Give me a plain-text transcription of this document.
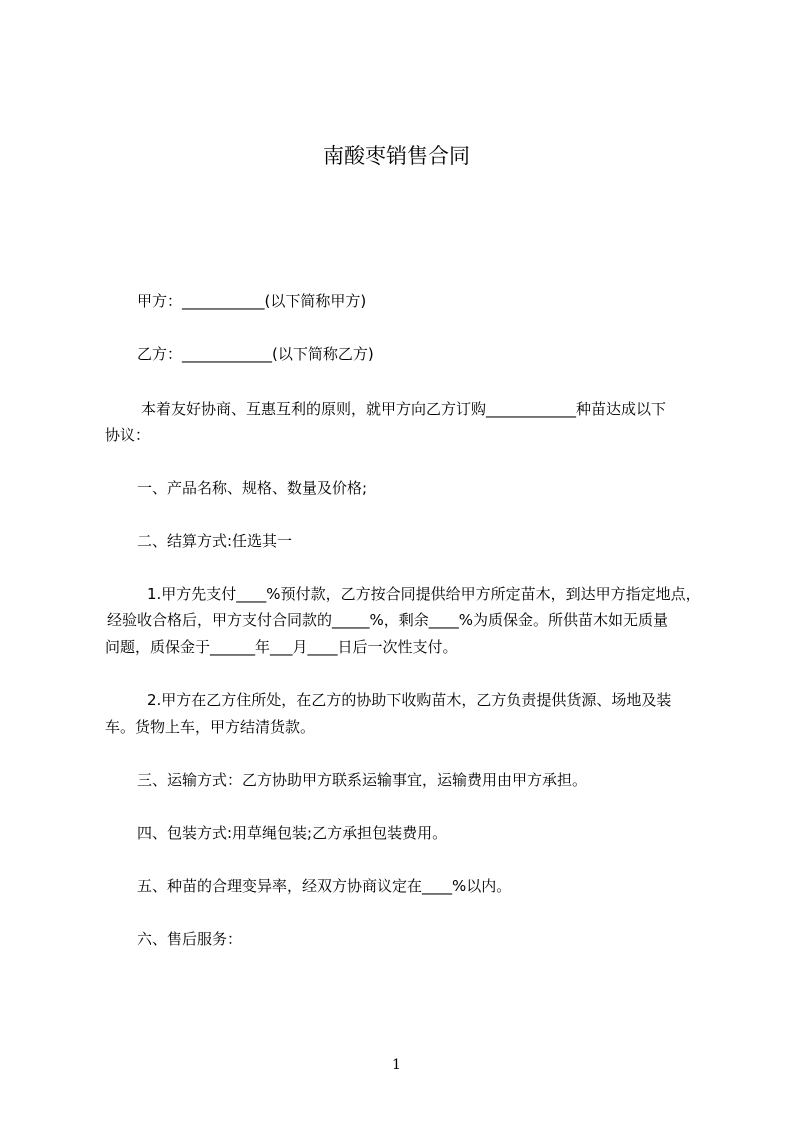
南酸枣销售合同
甲方：___________(以下简称甲方)
乙方：____________(以下简称乙方)
本着友好协商、互惠互利的原则，就甲方向乙方订购____________种苗达成以下
协议：
一、产品名称、规格、数量及价格;
二、结算方式:任选其一
1.甲方先支付____%预付款，乙方按合同提供给甲方所定苗木，到达甲方指定地点，
经验收合格后，甲方支付合同款的_____%，剩余____%为质保金。所供苗木如无质量
问题，质保金于______年___月____日后一次性支付。
2.甲方在乙方住所处，在乙方的协助下收购苗木，乙方负责提供货源、场地及装
车。货物上车，甲方结清货款。
三、运输方式：乙方协助甲方联系运输事宜，运输费用由甲方承担。
四、包装方式:用草绳包装;乙方承担包装费用。
五、种苗的合理变异率，经双方协商议定在____%以内。
六、售后服务：
1
